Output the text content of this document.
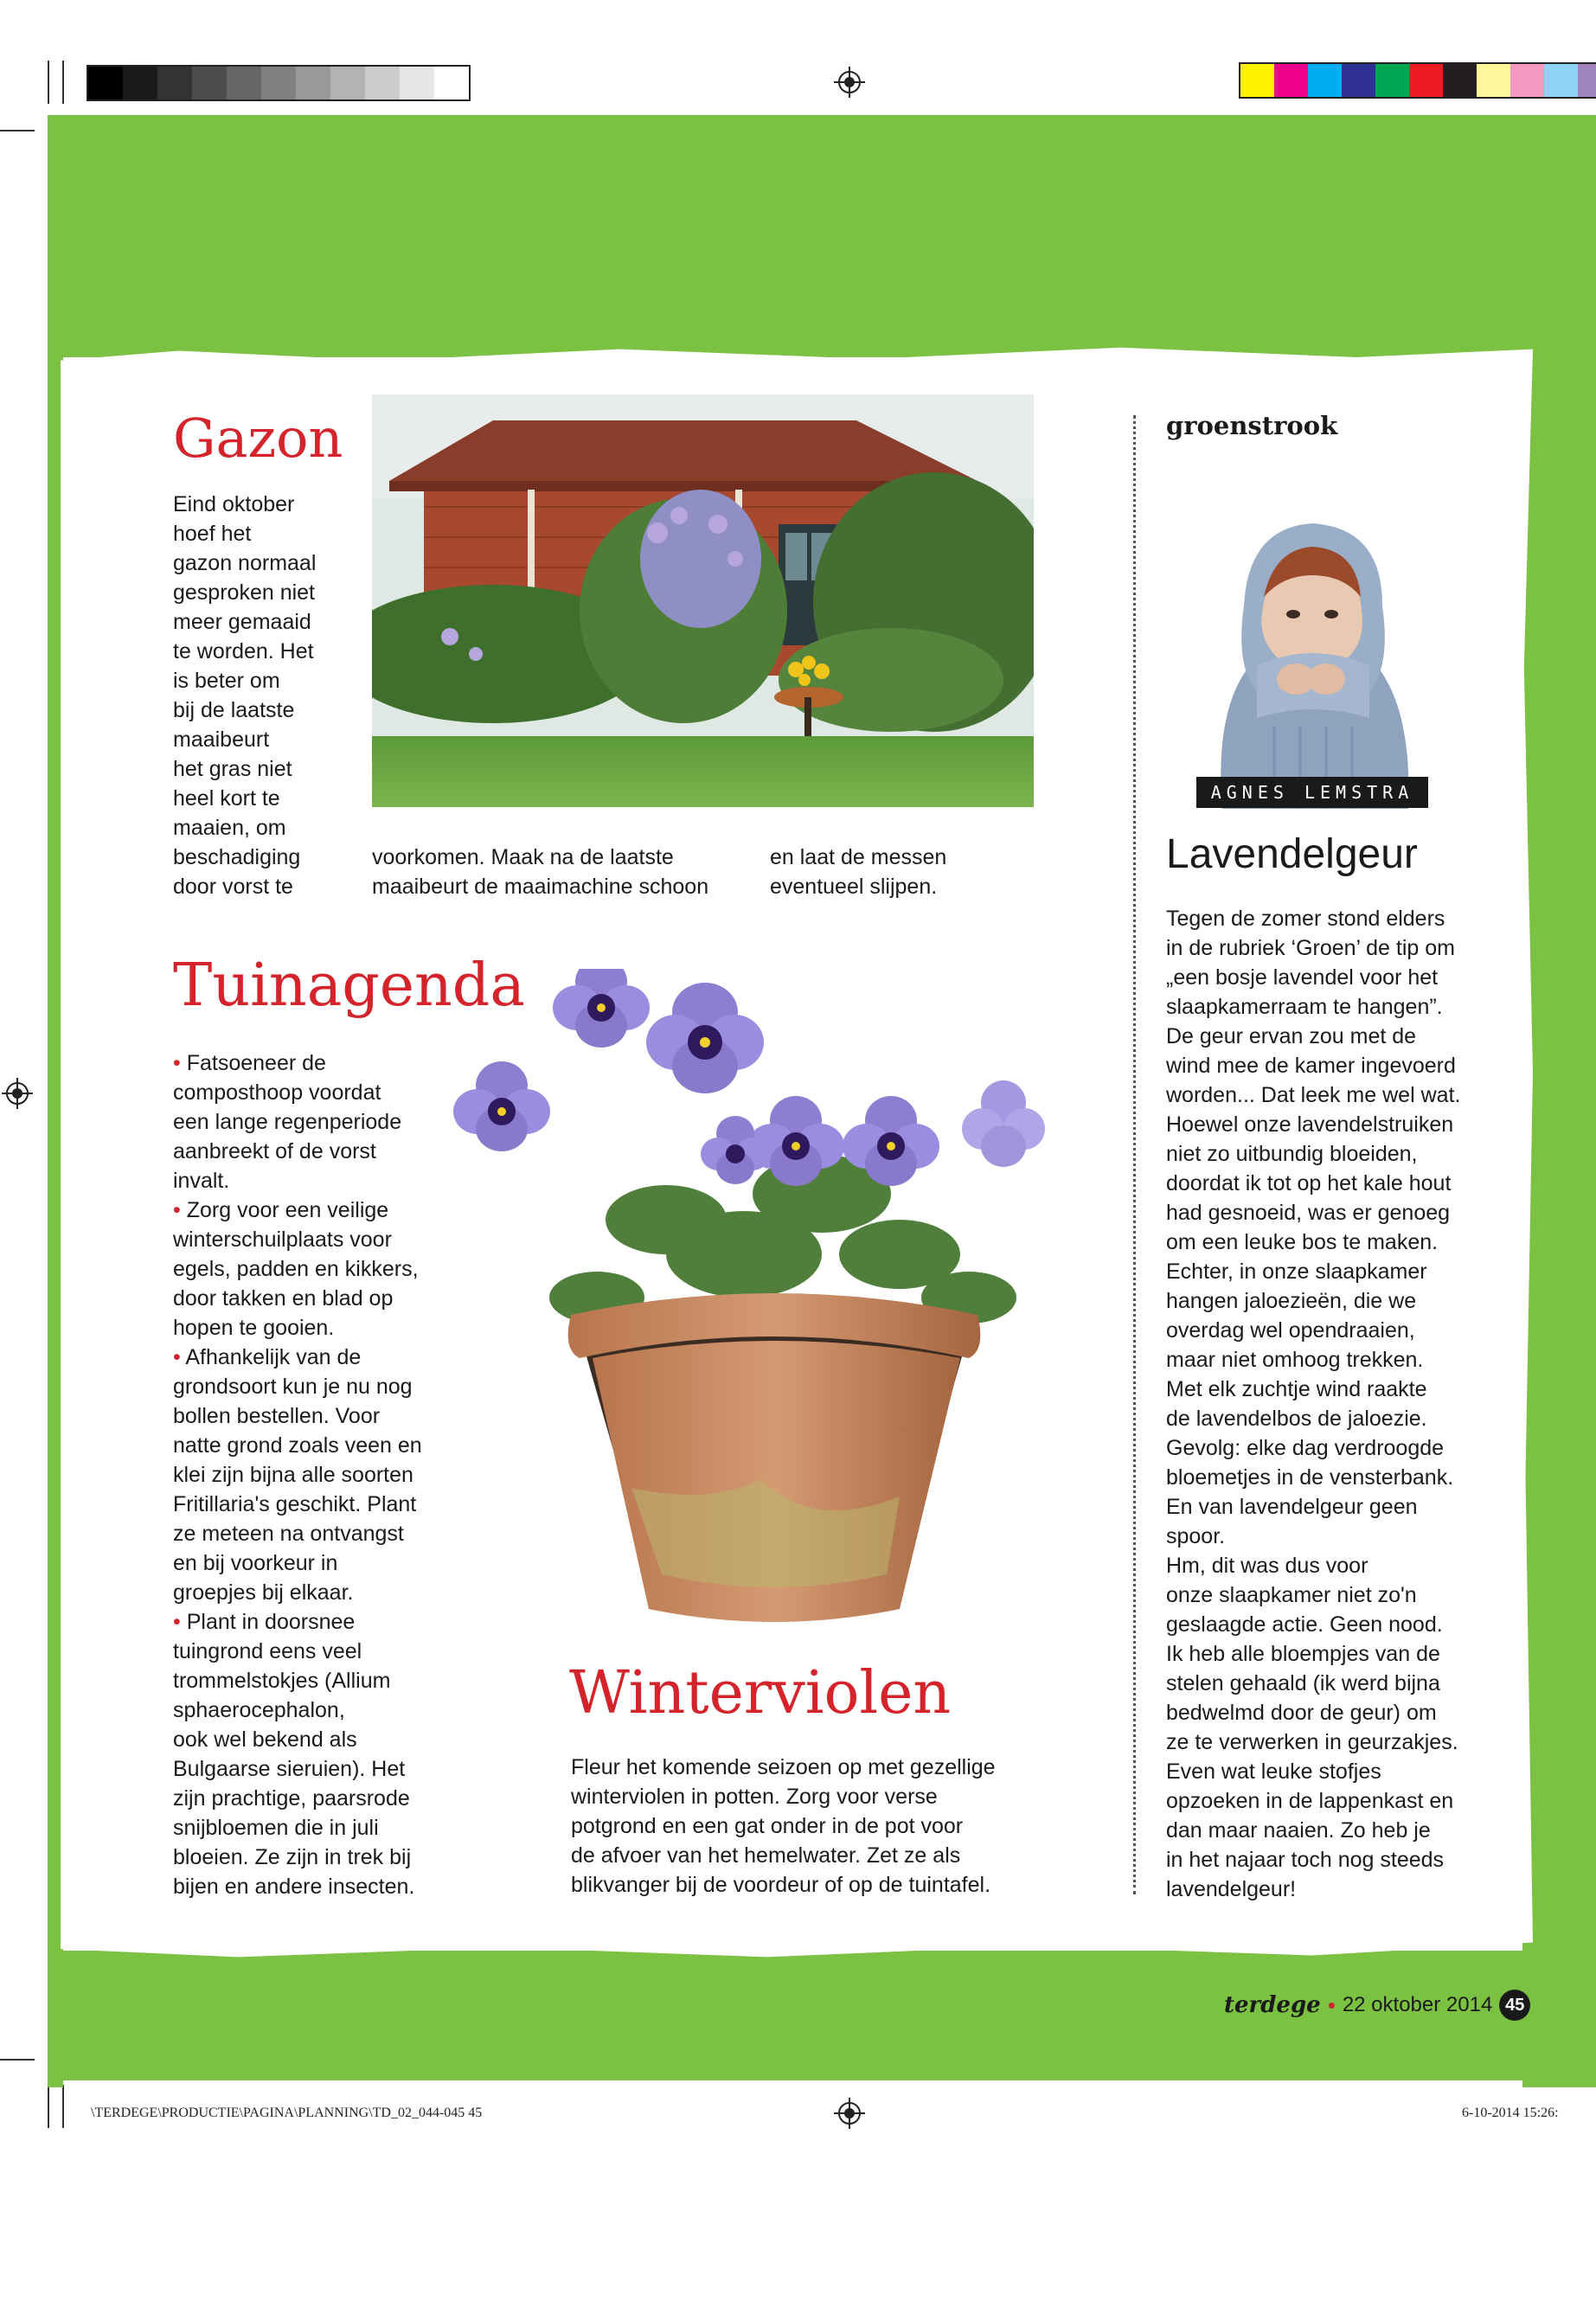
Gazon

Eind oktober
hoef het
gazon normaal
gesproken niet
meer gemaaid
te worden. Het
is beter om
bij de laatste
maaibeurt
het gras niet
heel kort te
maaien, om
beschadiging
door vorst te

voorkomen. Maak na de laatste
maaibeurt de maaimachine schoon

en laat de messen
eventueel slijpen.

Tuinagenda

• Fatsoeneer de
composthoop voordat
een lange regenperiode
aanbreekt of de vorst
invalt.

• Zorg voor een veilige
winterschuilplaats voor
egels, padden en kikkers,
door takken en blad op
hopen te gooien.

• Afhankelijk van de
grondsoort kun je nu nog
bollen bestellen. Voor
natte grond zoals veen en
klei zijn bijna alle soorten
Fritillaria's geschikt. Plant
ze meteen na ontvangst
en bij voorkeur in
groepjes bij elkaar.

• Plant in doorsnee
tuingrond eens veel
trommelstokjes (Allium
sphaerocephalon,
ook wel bekend als
Bulgaarse sieruien). Het
zijn prachtige, paarsrode
snijbloemen die in juli
bloeien. Ze zijn in trek bij
bijen en andere insecten.

Winterviolen

Fleur het komende seizoen op met gezellige
winterviolen in potten. Zorg voor verse
potgrond en een gat onder in de pot voor
de afvoer van het hemelwater. Zet ze als
blikvanger bij de voordeur of op de tuintafel.

groenstrook
AGNES LEMSTRA
Lavendelgeur

Tegen de zomer stond elders
in de rubriek ‘Groen’ de tip om
„een bosje lavendel voor het
slaapkamerraam te hangen”.
De geur ervan zou met de
wind mee de kamer ingevoerd
worden... Dat leek me wel wat.
Hoewel onze lavendelstruiken
niet zo uitbundig bloeiden,
doordat ik tot op het kale hout
had gesnoeid, was er genoeg
om een leuke bos te maken.
Echter, in onze slaapkamer
hangen jaloezieën, die we
overdag wel opendraaien,
maar niet omhoog trekken.
Met elk zuchtje wind raakte
de lavendelbos de jaloezie.
Gevolg: elke dag verdroogde
bloemetjes in de vensterbank.
En van lavendelgeur geen
spoor.
Hm, dit was dus voor
onze slaapkamer niet zo'n
geslaagde actie. Geen nood.
Ik heb alle bloempjes van de
stelen gehaald (ik werd bijna
bedwelmd door de geur) om
ze te verwerken in geurzakjes.
Even wat leuke stofjes
opzoeken in de lappenkast en
dan maar naaien. Zo heb je
in het najaar toch nog steeds
lavendelgeur!

terdege • 22 oktober 2014 45
\TERDEGE\PRODUCTIE\PAGINA\PLANNING\TD_02_044-045 45	6-10-2014 15:26:
